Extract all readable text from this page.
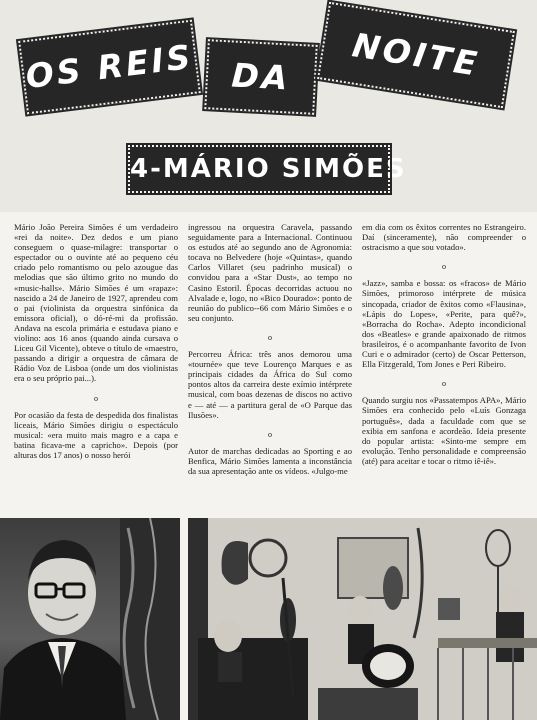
OS REIS	DA	NOITE
4-MÁRIO SIMÕES

Mário João Pereira Simões é um verdadeiro «rei da noite». Dez dedos e um piano conseguem o quase-milagre: transportar o espectador ou o ouvinte até ao pequeno céu criado pelo romantismo ou pelo azougue das melodias que são último grito no mundo do «music-halls». Mário Simões é um «rapaz»: nascido a 24 de Janeiro de 1927, aprendeu com o pai (violinista da orquestra sinfónica da emissora oficial), o dó-ré-mi da profissão. Andava na escola primária e estudava piano e violino: aos 16 anos (quando ainda cursava o Liceu Gil Vicente), obteve o título de «maestro, passando a dirigir a orquestra de câmara de Rádio Voz de Lisboa (onde um dos violinistas era o seu próprio pai...).

o

Por ocasião da festa de despedida dos finalistas liceais, Mário Simões dirigiu o espectáculo musical: «era muito mais magro e a capa e batina ficava-me a capricho». Depois (por alturas dos 17 anos) o nosso herói

ingressou na orquestra Caravela, passando seguidamente para a Internacional. Continuou os estudos até ao segundo ano de Agronomia: tocava no Belvedere (hoje «Quintas», quando Carlos Villaret (seu padrinho musical) o convidou para a «Star Dust», ao tempo no Casino Estoril. Épocas decorridas actuou no Alvalade e, logo, no «Bico Dourado»: ponto de reunião do publico--66 com Mário Simões e o seu conjunto.

o

Percorreu África: três anos demorou uma «tournée» que teve Lourenço Marques e as principais cidades da África do Sul como pontos altos da carreira deste exímio intérprete musical, com boas dezenas de discos no activo e — até — a partitura geral de «O Parque das Ilusões».

o

Autor de marchas dedicadas ao Sporting e ao Benfica, Mário Simões lamenta a inconstância da sua apresentação ante os vídeos. «Julgo-me

em dia com os êxitos correntes no Estrangeiro. Daí (sinceramente), não compreender o ostracismo a que sou votado».

o

«Jazz», samba e bossa: os «fracos» de Mário Simões, primoroso intérprete de música sincopada, criador de êxitos como «Flausina», «Lápis do Lopes», «Perite, para quê?», «Borracha do Rocha». Adepto incondicional dos «Beatles» e grande apaixonado de ritmos brasileiros, é o acompanhante favorito de Ivon Curi e o admirador (certo) de Oscar Petterson, Ella Fitzgerald, Tom Jones e Peri Ribeiro.

o

Quando surgiu nos «Passatempos APA», Mário Simões era conhecido pelo «Luís Gonzaga português», dada a faculdade com que se exibia em sanfona e acordeão. Ideia presente do popular artista: «Sinto-me sempre em evolução. Tenho personalidade e compreensão (até) para aceitar e tocar o ritmo iê-iê».
